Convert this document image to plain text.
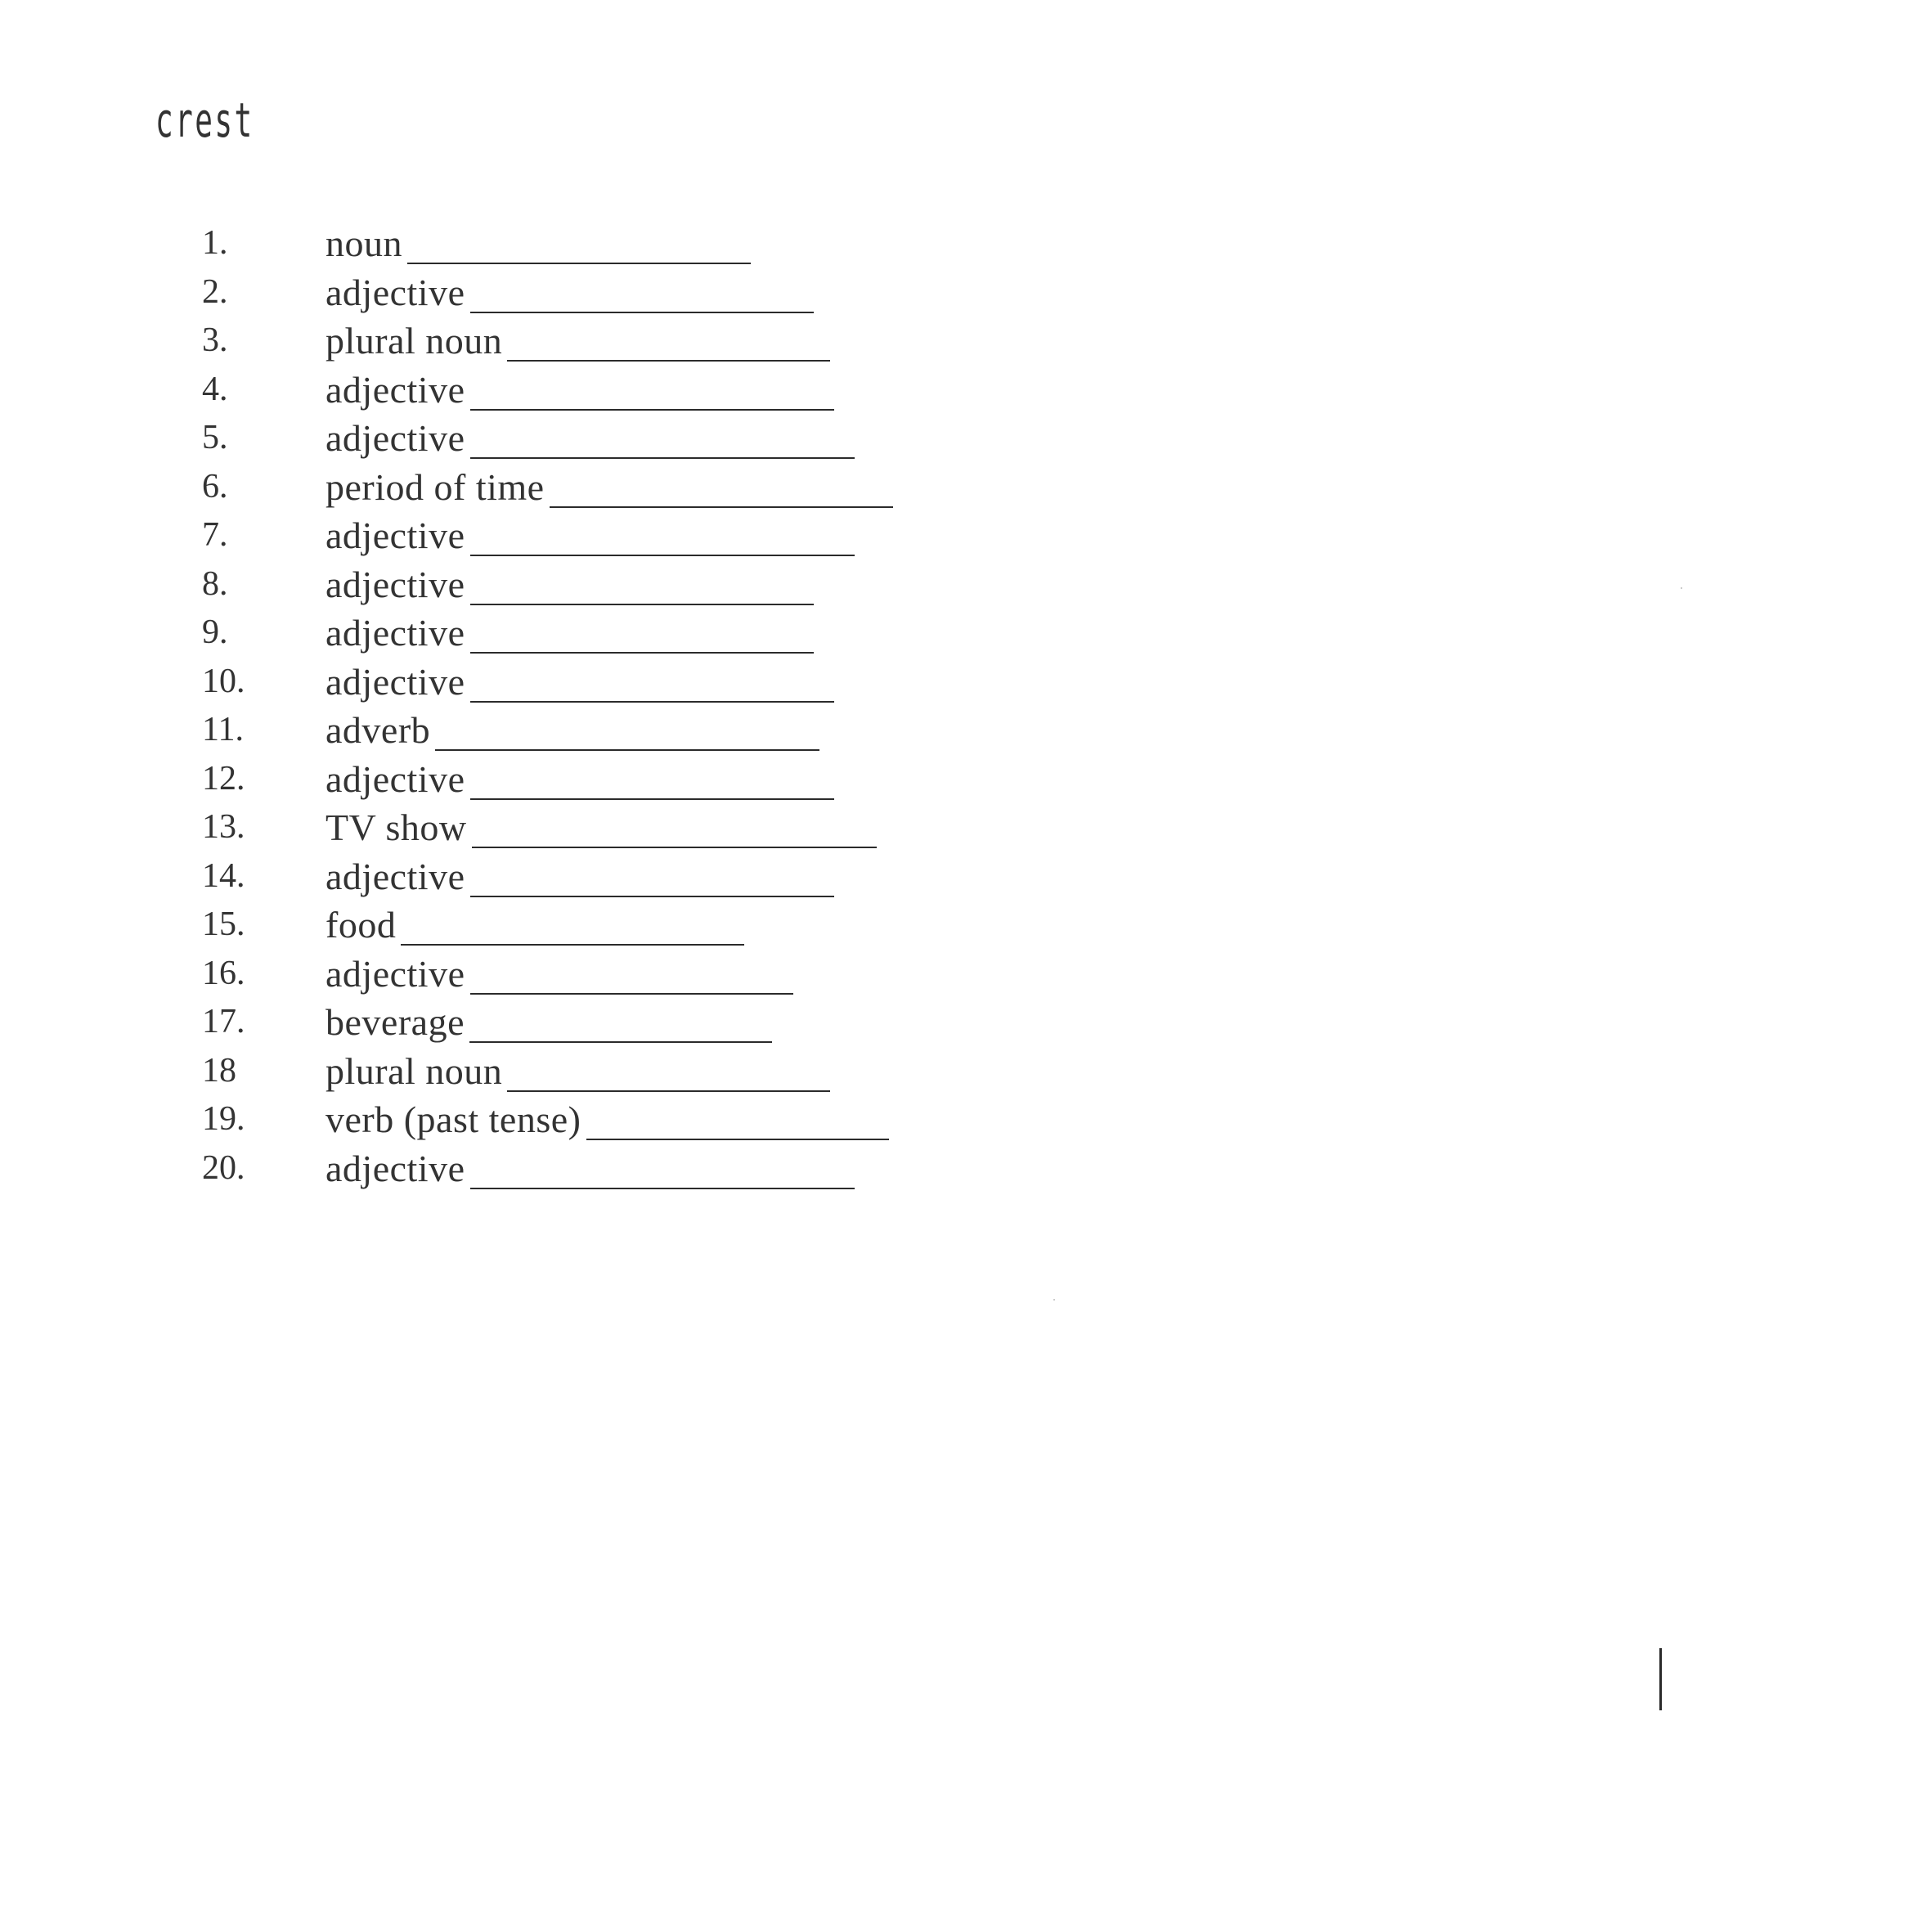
crest
1.	noun
2.	adjective
3.	plural noun
4.	adjective
5.	adjective
6.	period of time
7.	adjective
8.	adjective
9.	adjective
10. adjective
11. adverb
12. adjective
13. TV show
14. adjective
15. food
16. adjective
17. beverage
18 plural noun
19. verb (past tense)
20. adjective
